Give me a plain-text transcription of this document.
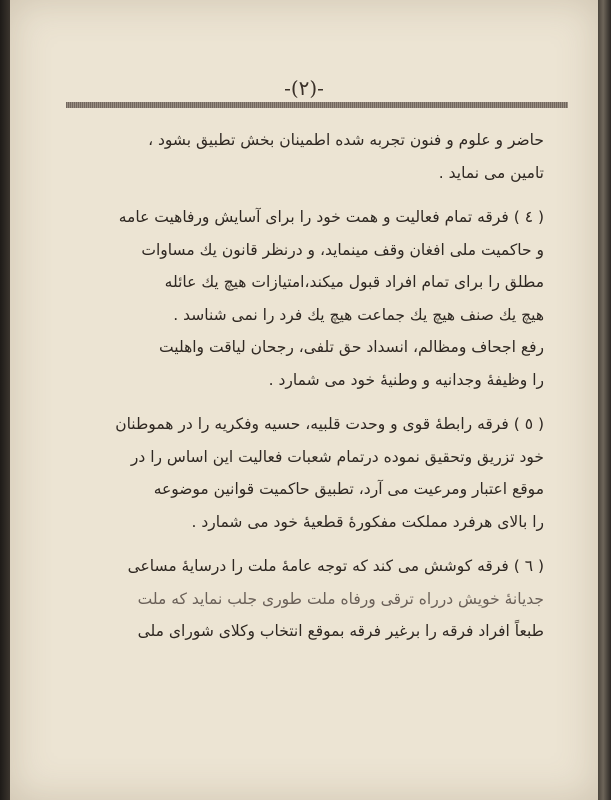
-(۲)-
حاضر و علوم و فنون تجربه شده اطمینان بخش تطبیق بشود ،
تامین می نماید .
( ٤ ) فرقه تمام فعالیت و همت خود را برای آسایش ورفاهیت عامه
و حاکمیت ملی افغان وقف مینماید، و درنظر قانون یك مساوات
مطلق را برای تمام افراد قبول میکند،امتیازات هیچ یك عائله
هیچ یك صنف هیچ یك جماعت هیچ یك فرد را نمی شناسد .
رفع اجحاف ومظالم، انسداد حق تلفی، رجحان لیاقت واهلیت
را وظیفهٔ وجدانیه و وطنیهٔ خود می شمارد .
( ٥ ) فرقه رابطهٔ قوی و وحدت قلبیه، حسیه وفکریه را در هموطنان
خود تزریق وتحقیق نموده درتمام شعبات فعالیت این اساس را در
موقع اعتبار ومرعیت می آرد، تطبیق حاکمیت قوانین موضوعه
را بالای هرفرد مملکت مفکورهٔ قطعیهٔ خود می شمارد .
( ٦ ) فرقه کوشش می کند که توجه عامهٔ ملت را درسایهٔ مساعی
جدیانهٔ خویش درراه ترقی ورفاه ملت طوری جلب نماید که ملت
طبعاً افراد فرقه را برغیر فرقه بموقع انتخاب وکلای شورای ملی
